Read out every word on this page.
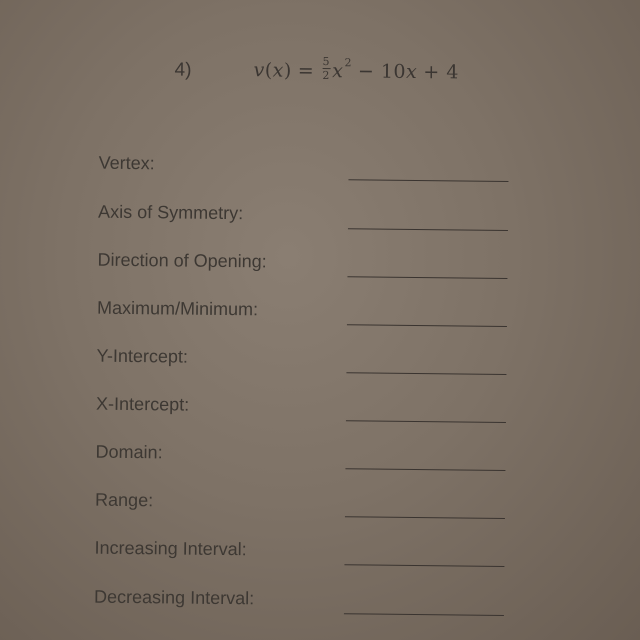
4)	v ( x ) = $\frac{5}{2}$ x 2 − 10 x + 4
Vertex:
Axis of Symmetry:
Direction of Opening:
Maximum/Minimum:
Y-Intercept:
X-Intercept:
Domain:
Range:
Increasing Interval:
Decreasing Interval:
